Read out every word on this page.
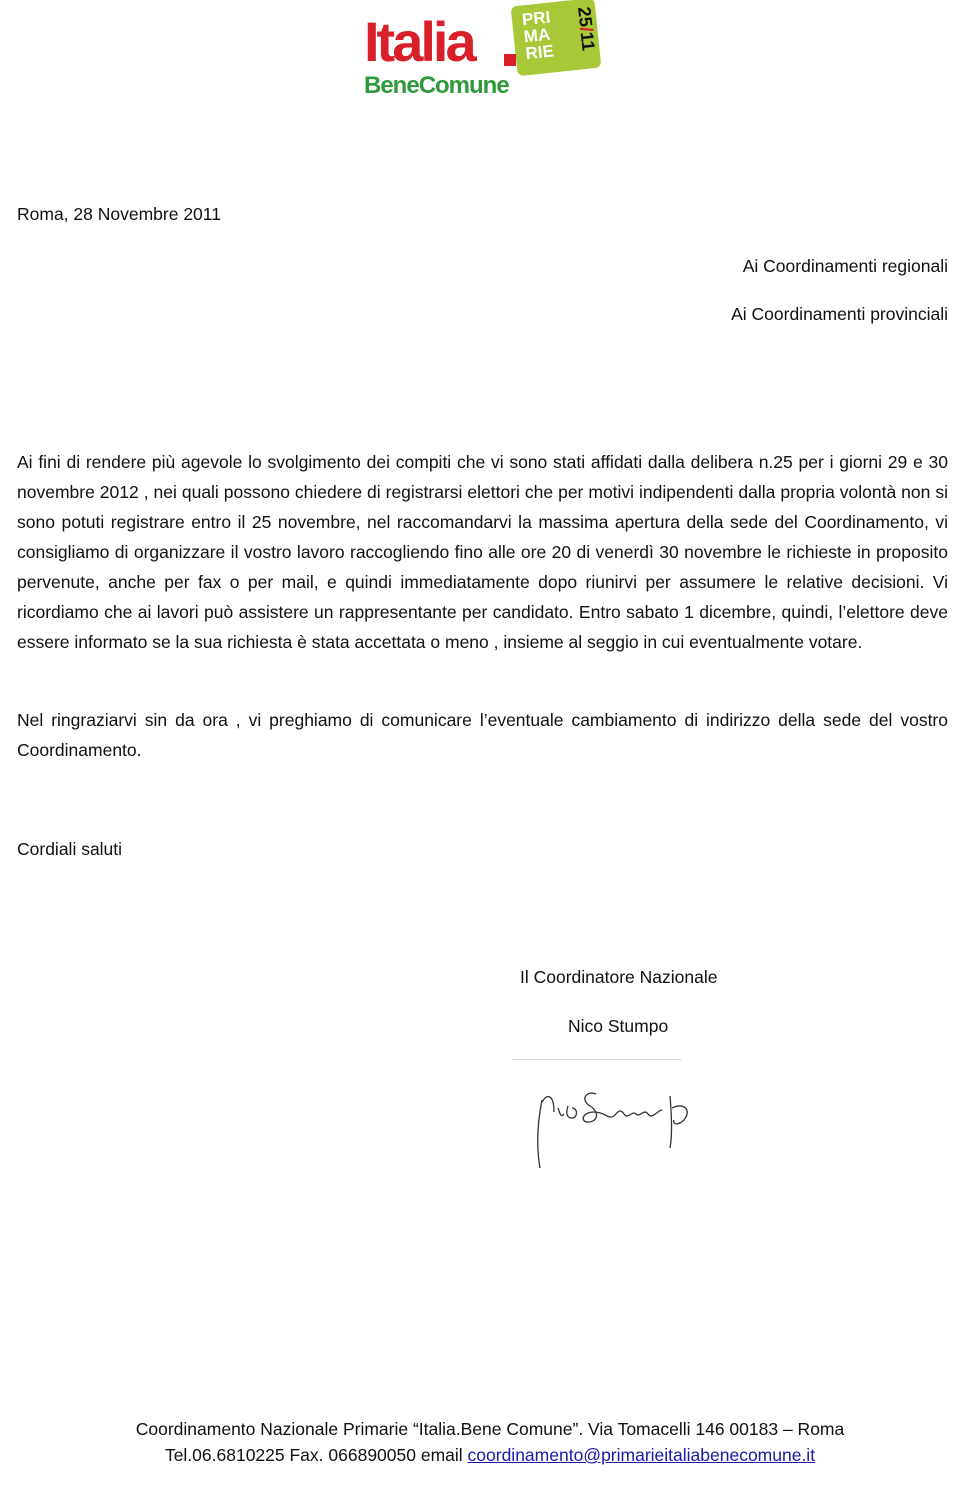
PRI
MA
RIE
25/11
Italia
BeneComune
Roma, 28 Novembre 2011
Ai Coordinamenti regionali
Ai Coordinamenti provinciali

Ai fini di rendere più agevole lo svolgimento dei compiti che vi sono stati affidati dalla delibera n.25 per i giorni 29 e 30 novembre 2012 , nei quali possono chiedere di registrarsi elettori che per motivi indipendenti dalla propria volontà non si sono potuti registrare entro il 25 novembre, nel raccomandarvi la massima apertura della sede del Coordinamento, vi consigliamo di organizzare il vostro lavoro raccogliendo fino alle ore 20 di venerdì 30 novembre le richieste in proposito pervenute, anche per fax o per mail, e quindi immediatamente dopo riunirvi per assumere le relative decisioni. Vi ricordiamo che ai lavori può assistere un rappresentante per candidato. Entro sabato 1 dicembre, quindi, l’elettore deve essere informato se la sua richiesta è stata accettata o meno , insieme al seggio in cui eventualmente votare.

Nel ringraziarvi sin da ora , vi preghiamo di comunicare l’eventuale cambiamento di indirizzo della sede del vostro Coordinamento.

Cordiali saluti
Il Coordinatore Nazionale
Nico Stumpo
Coordinamento Nazionale Primarie “Italia.Bene Comune”. Via Tomacelli 146 00183 – Roma
Tel.06.6810225 Fax. 066890050 email coordinamento@primarieitaliabenecomune.it
